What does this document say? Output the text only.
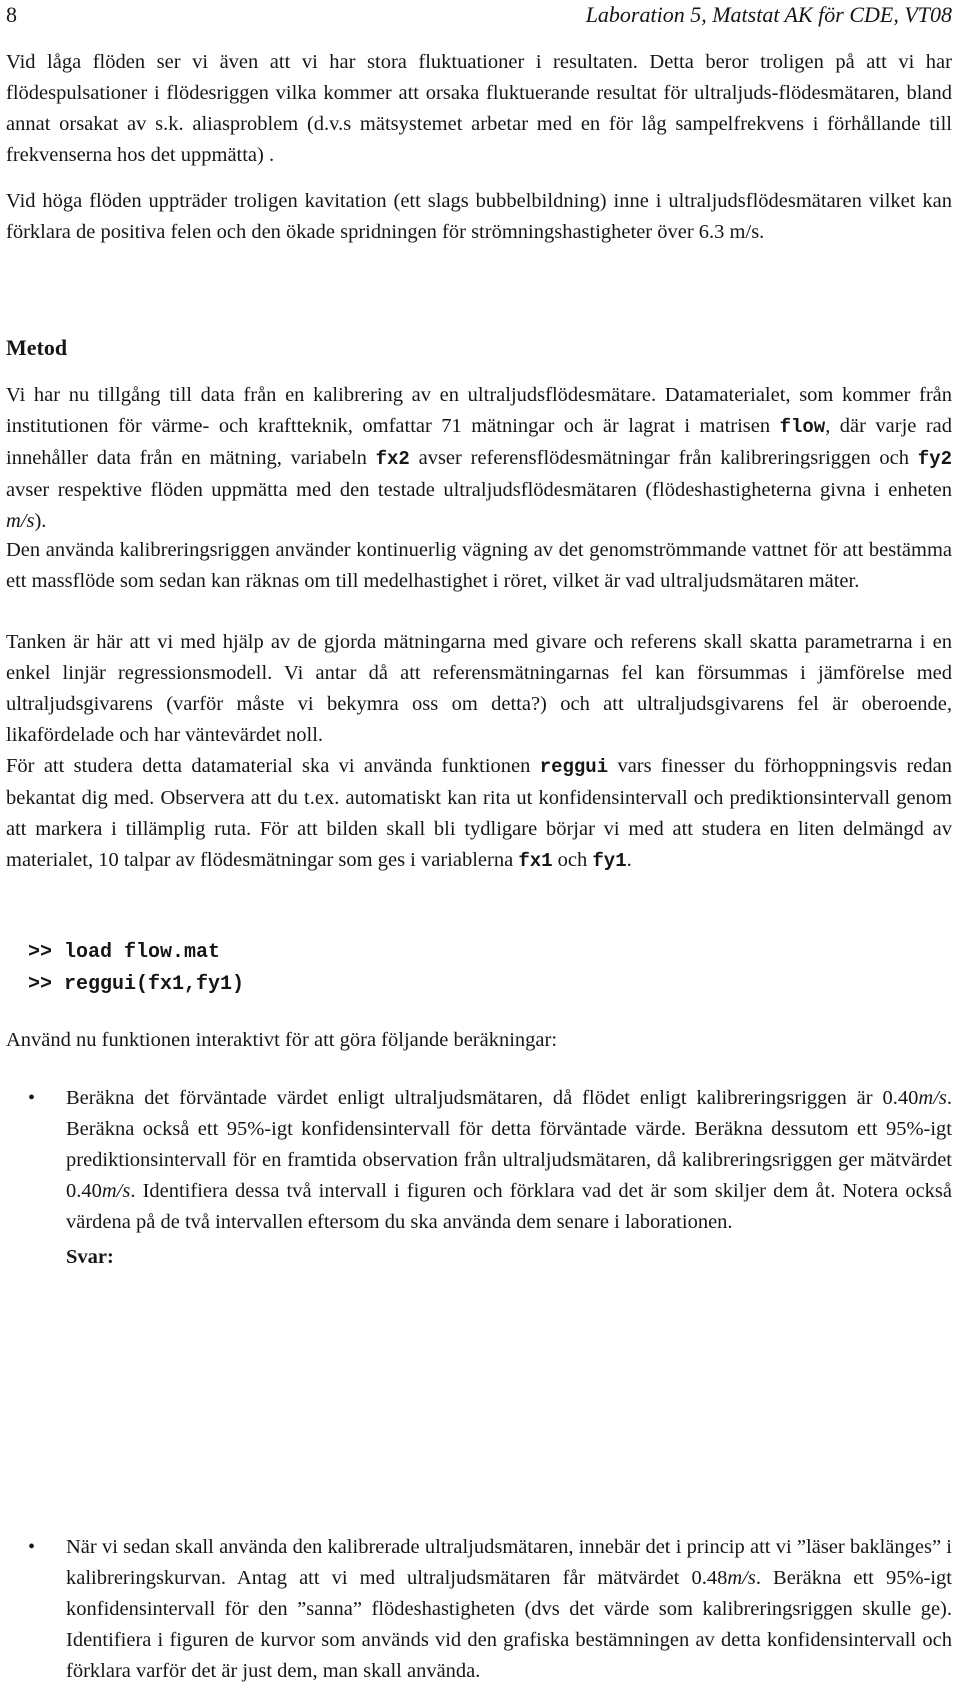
8	Laboration 5, Matstat AK för CDE, VT08

Vid låga flöden ser vi även att vi har stora fluktuationer i resultaten. Detta beror troligen på att vi har flödespulsationer i flödesriggen vilka kommer att orsaka fluktuerande resultat för ultraljuds-flödesmätaren, bland annat orsakat av s.k. aliasproblem (d.v.s mätsystemet arbetar med en för låg sampelfrekvens i förhållande till frekvenserna hos det uppmätta) .

Vid höga flöden uppträder troligen kavitation (ett slags bubbelbildning) inne i ultraljudsflödesmätaren vilket kan förklara de positiva felen och den ökade spridningen för strömningshastigheter över 6.3 m/s.

Metod

Vi har nu tillgång till data från en kalibrering av en ultraljudsflödesmätare. Datamaterialet, som kommer från institutionen för värme- och kraftteknik, omfattar 71 mätningar och är lagrat i matrisen flow, där varje rad innehåller data från en mätning, variabeln fx2 avser referensflödesmätningar från kalibreringsriggen och fy2 avser respektive flöden uppmätta med den testade ultraljudsflödesmätaren (flödeshastigheterna givna i enheten m/s).

Den använda kalibreringsriggen använder kontinuerlig vägning av det genomströmmande vattnet för att bestämma ett massflöde som sedan kan räknas om till medelhastighet i röret, vilket är vad ultraljudsmätaren mäter.

Tanken är här att vi med hjälp av de gjorda mätningarna med givare och referens skall skatta parametrarna i en enkel linjär regressionsmodell. Vi antar då att referensmätningarnas fel kan försummas i jämförelse med ultraljudsgivarens (varför måste vi bekymra oss om detta?) och att ultraljudsgivarens fel är oberoende, likafördelade och har väntevärdet noll.

För att studera detta datamaterial ska vi använda funktionen reggui vars finesser du förhoppningsvis redan bekantat dig med. Observera att du t.ex. automatiskt kan rita ut konfidensintervall och prediktionsintervall genom att markera i tillämplig ruta. För att bilden skall bli tydligare börjar vi med att studera en liten delmängd av materialet, 10 talpar av flödesmätningar som ges i variablerna fx1 och fy1.

>> load flow.mat
>> reggui(fx1,fy1)

Använd nu funktionen interaktivt för att göra följande beräkningar:

• Beräkna det förväntade värdet enligt ultraljudsmätaren, då flödet enligt kalibreringsriggen är 0.40m/s. Beräkna också ett 95%-igt konfidensintervall för detta förväntade värde. Beräkna dessutom ett 95%-igt prediktionsintervall för en framtida observation från ultraljudsmätaren, då kalibreringsriggen ger mätvärdet 0.40m/s. Identifiera dessa två intervall i figuren och förklara vad det är som skiljer dem åt. Notera också värdena på de två intervallen eftersom du ska använda dem senare i laborationen.

Svar:
• När vi sedan skall använda den kalibrerade ultraljudsmätaren, innebär det i princip att vi ”läser baklänges” i kalibreringskurvan. Antag att vi med ultraljudsmätaren får mätvärdet 0.48m/s. Beräkna ett 95%-igt konfidensintervall för den ”sanna” flödeshastigheten (dvs det värde som kalibreringsriggen skulle ge). Identifiera i figuren de kurvor som används vid den grafiska bestämningen av detta konfidensintervall och förklara varför det är just dem, man skall använda.
